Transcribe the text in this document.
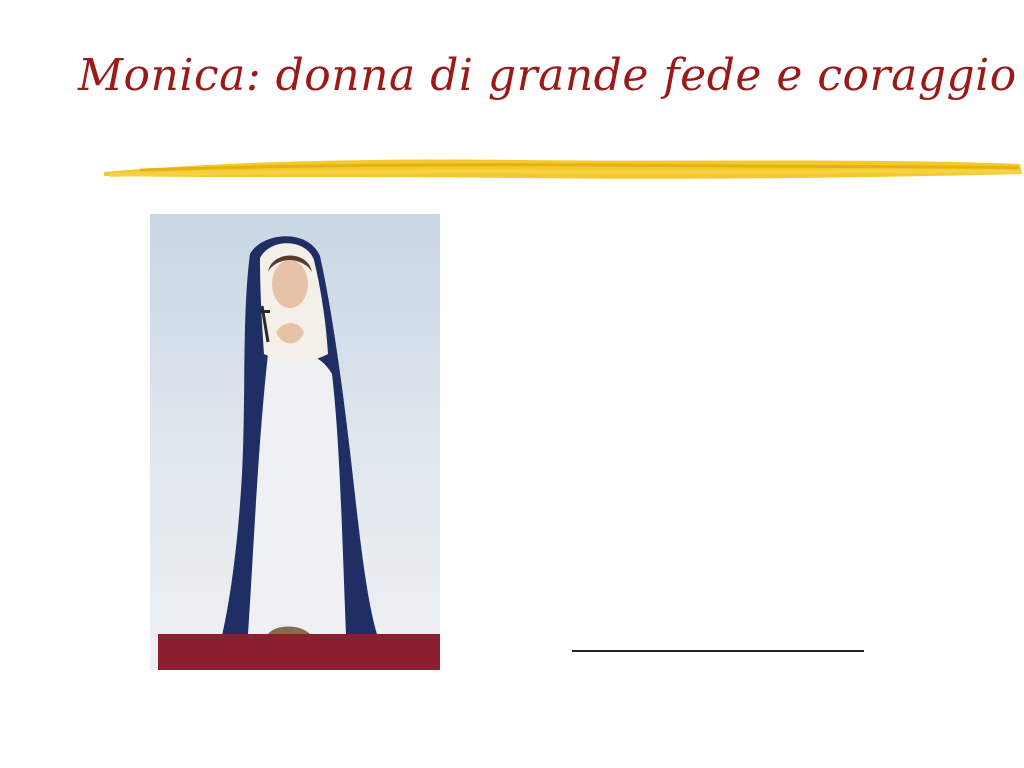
Monica: donna di grande fede e coraggio
